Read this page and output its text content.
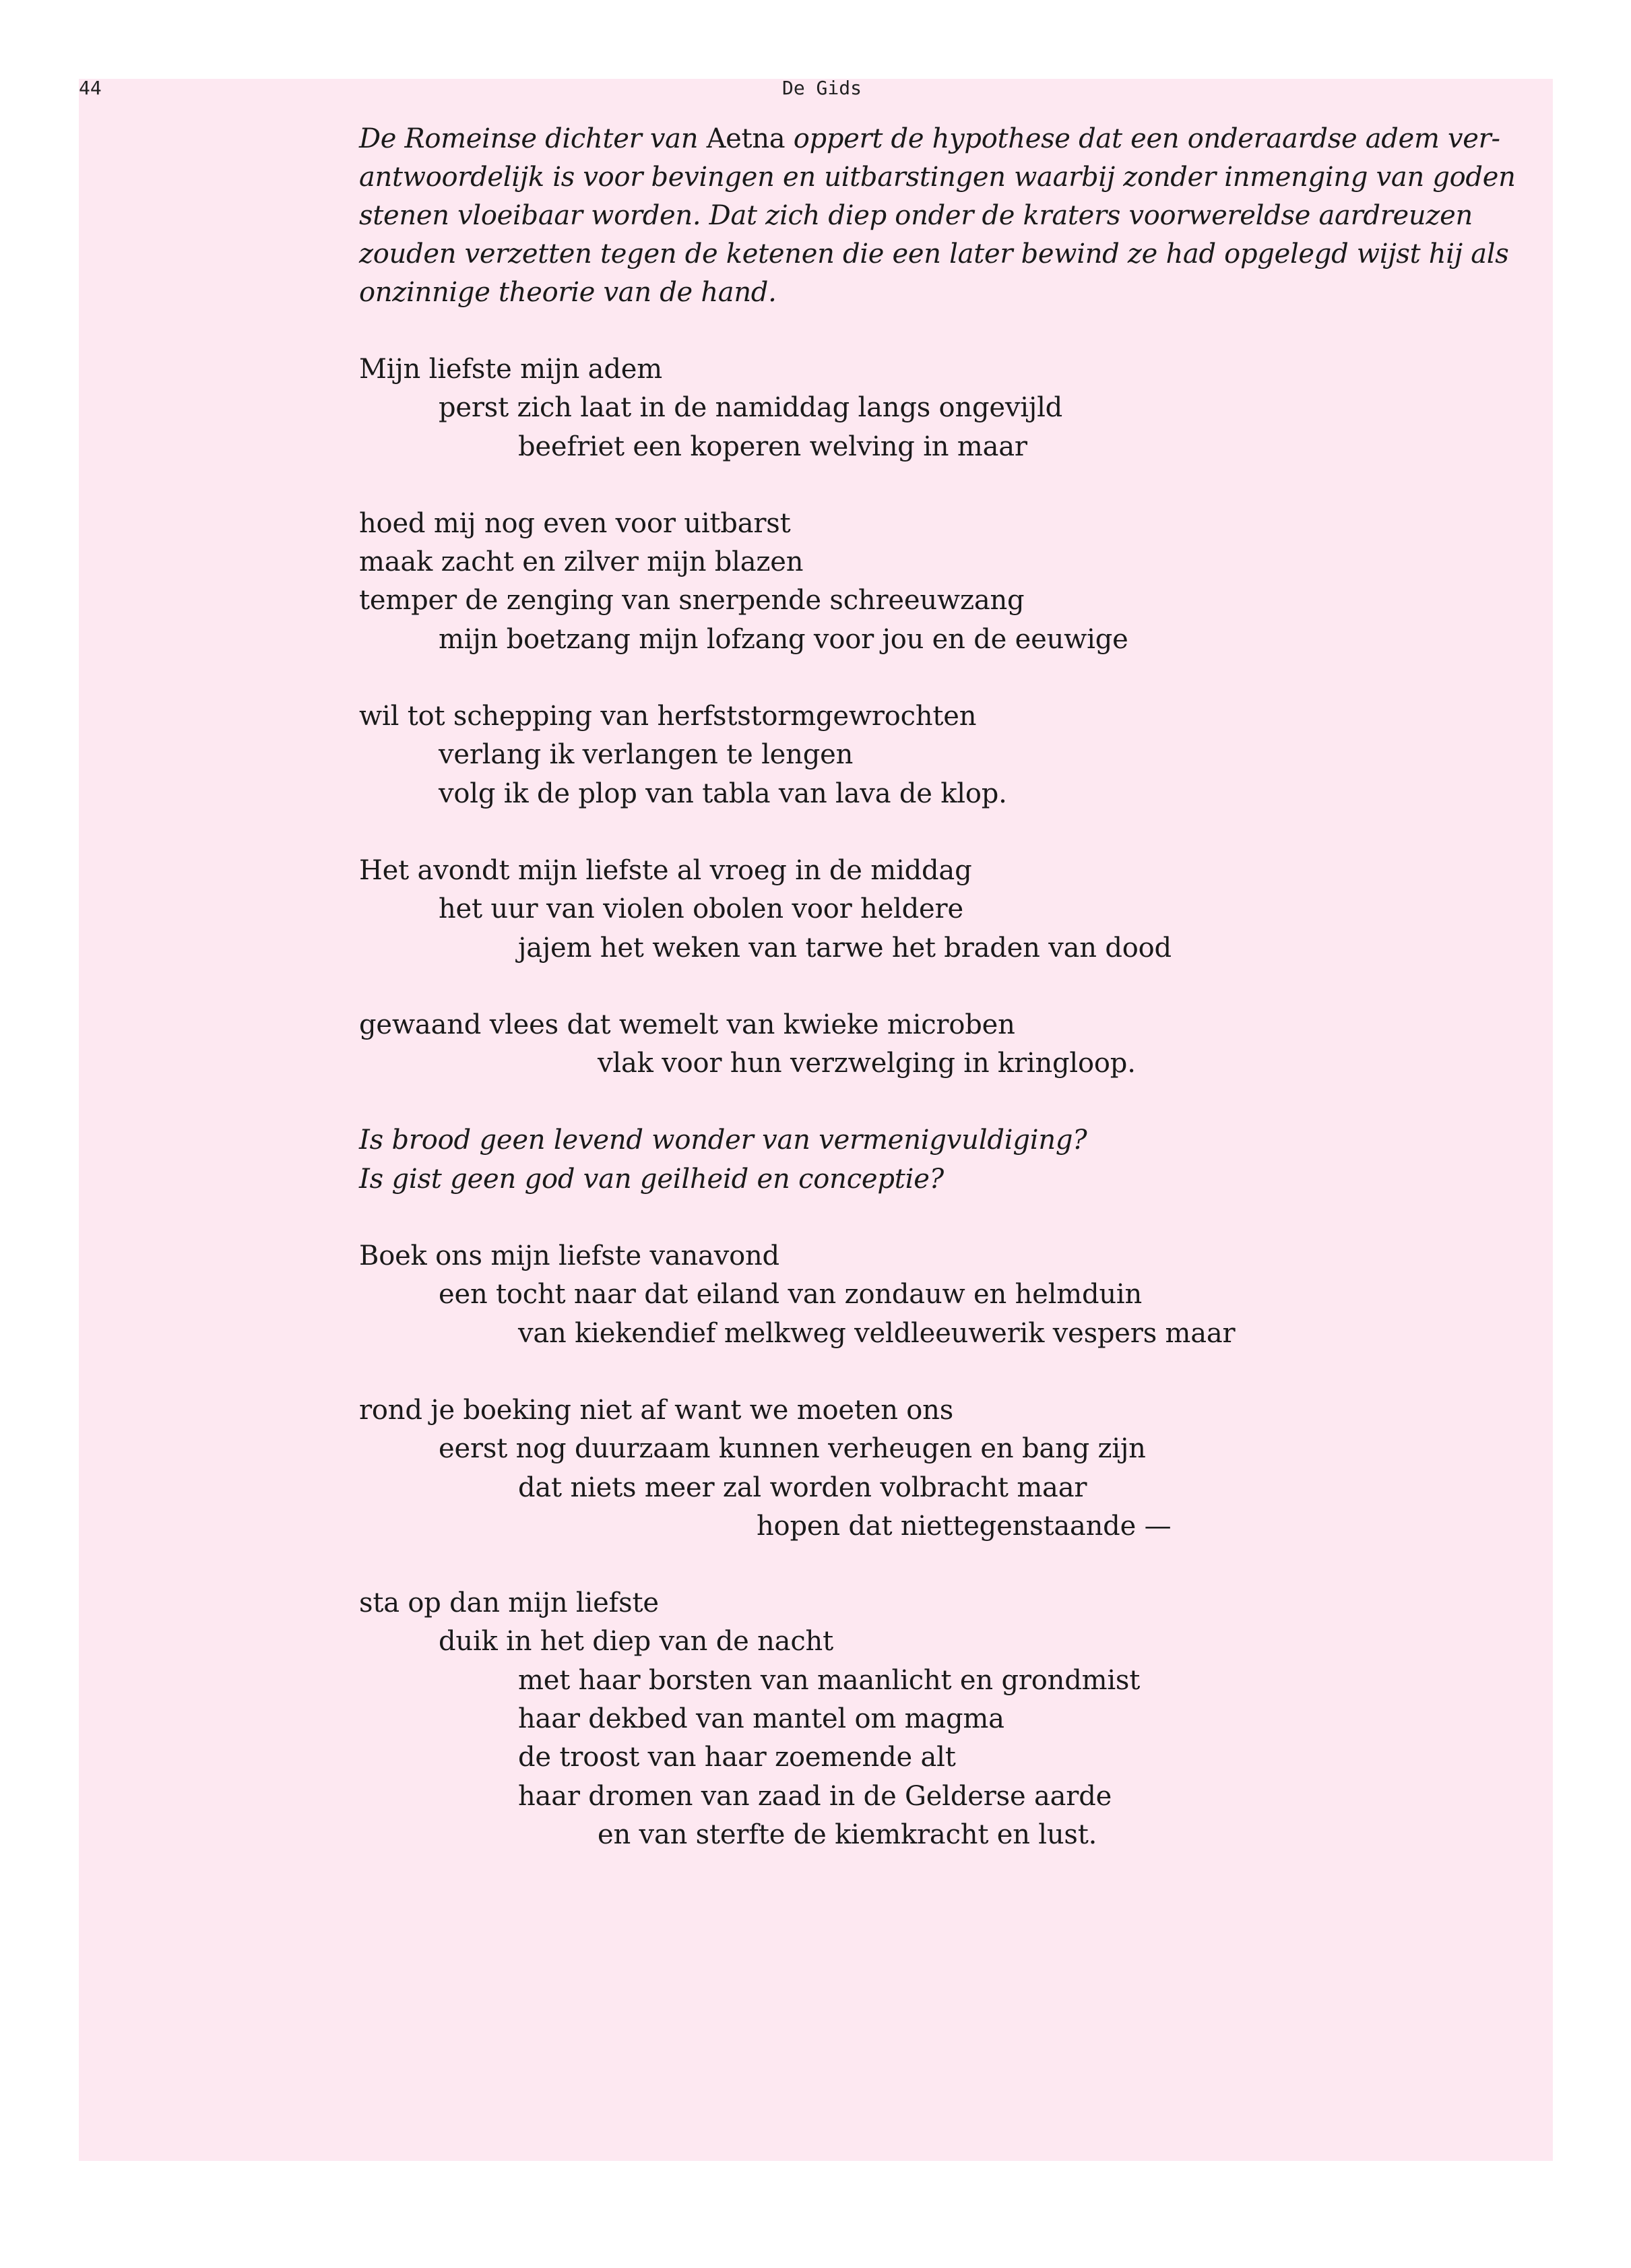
44	De Gids

De Romeinse dichter van Aetna oppert de hypothese dat een onderaardse adem ver-antwoordelijk is voor bevingen en uitbarstingen waarbij zonder inmenging van goden stenen vloeibaar worden. Dat zich diep onder de kraters voorwereldse aardreuzen zouden verzetten tegen de ketenen die een later bewind ze had opgelegd wijst hij als onzinnige theorie van de hand.

Mijn liefste mijn adem
perst zich laat in de namiddag langs ongevijld
beefriet een koperen welving in maar
hoed mij nog even voor uitbarst
maak zacht en zilver mijn blazen
temper de zenging van snerpende schreeuwzang
mijn boetzang mijn lofzang voor jou en de eeuwige
wil tot schepping van herfststormgewrochten
verlang ik verlangen te lengen
volg ik de plop van tabla van lava de klop.
Het avondt mijn liefste al vroeg in de middag
het uur van violen obolen voor heldere
jajem het weken van tarwe het braden van dood
gewaand vlees dat wemelt van kwieke microben
vlak voor hun verzwelging in kringloop.
Is brood geen levend wonder van vermenigvuldiging?
Is gist geen god van geilheid en conceptie?
Boek ons mijn liefste vanavond
een tocht naar dat eiland van zondauw en helmduin
van kiekendief melkweg veldleeuwerik vespers maar
rond je boeking niet af want we moeten ons
eerst nog duurzaam kunnen verheugen en bang zijn
dat niets meer zal worden volbracht maar
hopen dat niettegenstaande —
sta op dan mijn liefste
duik in het diep van de nacht
met haar borsten van maanlicht en grondmist
haar dekbed van mantel om magma
de troost van haar zoemende alt
haar dromen van zaad in de Gelderse aarde
en van sterfte de kiemkracht en lust.
